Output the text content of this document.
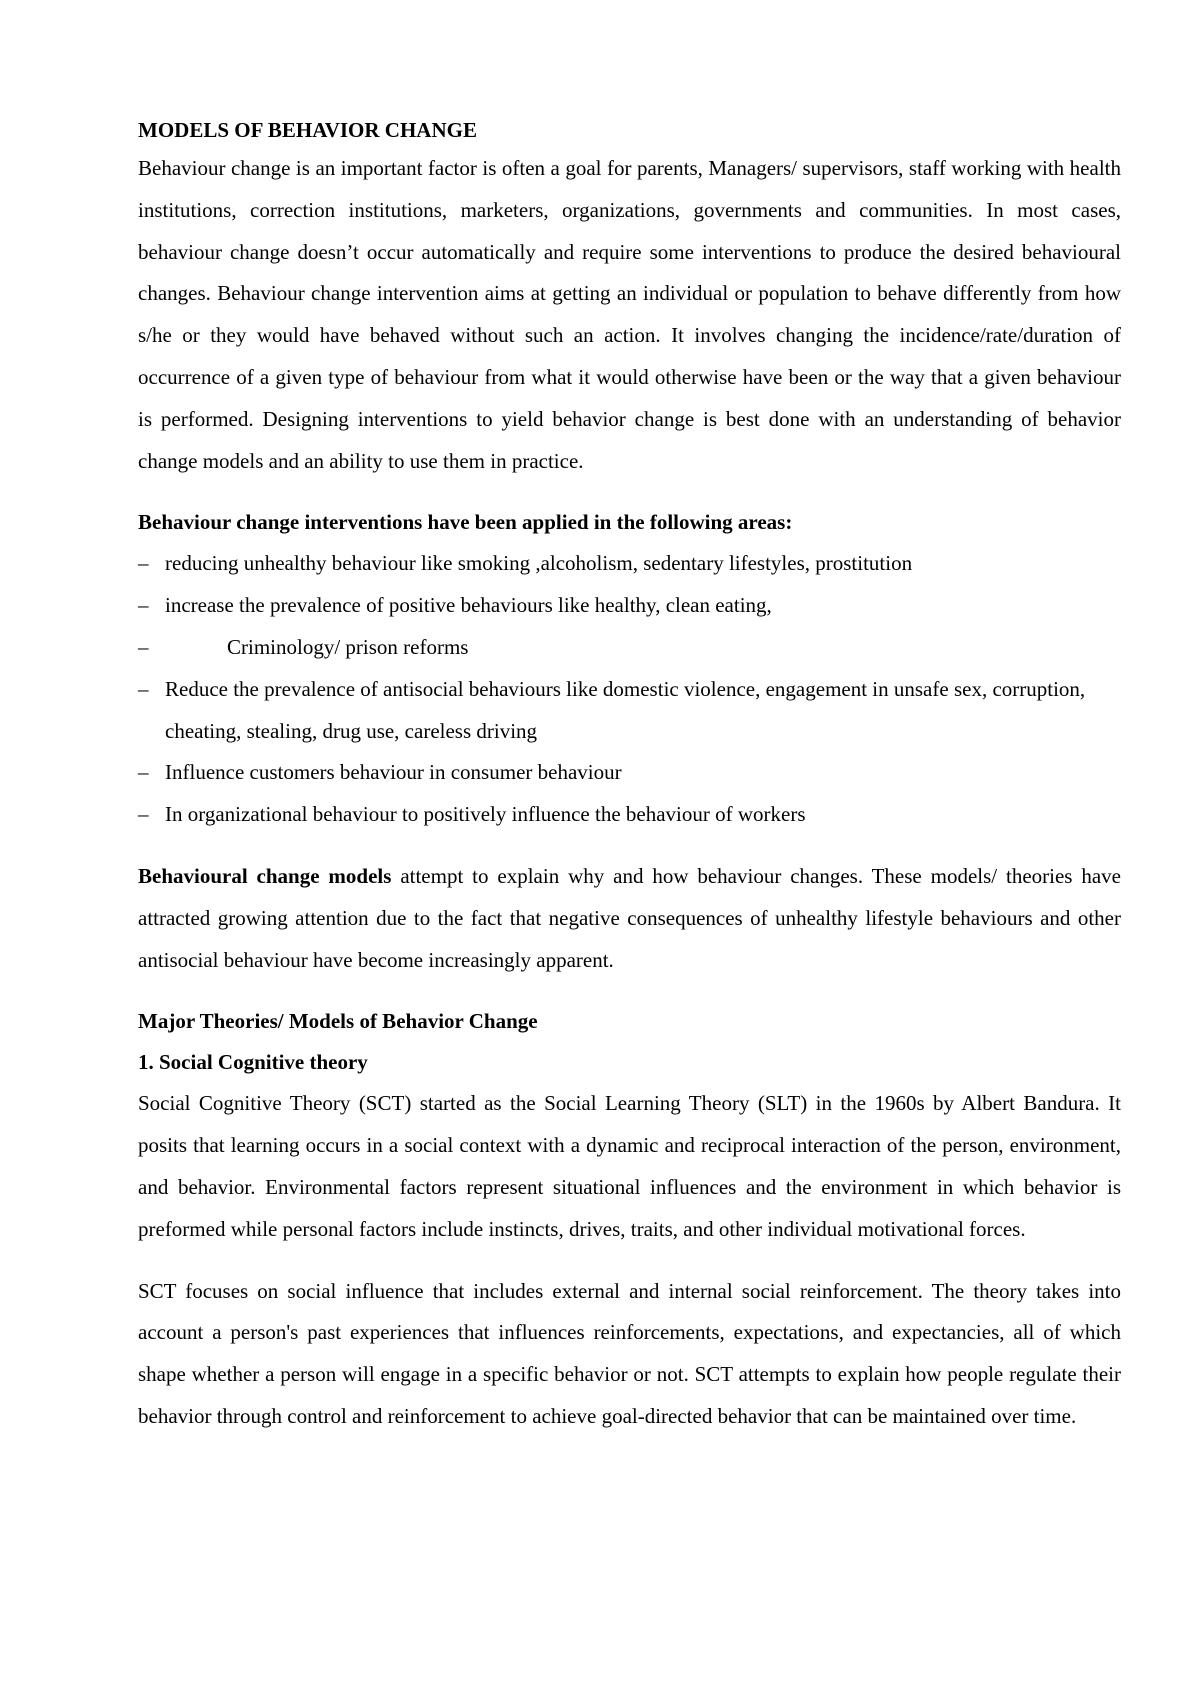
MODELS OF BEHAVIOR CHANGE

Behaviour change is an important factor is often a goal for parents, Managers/ supervisors, staff working with health institutions, correction institutions, marketers, organizations, governments and communities. In most cases, behaviour change doesn’t occur automatically and require some interventions to produce the desired behavioural changes. Behaviour change intervention aims at getting an individual or population to behave differently from how s/he or they would have behaved without such an action. It involves changing the incidence/rate/duration of occurrence of a given type of behaviour from what it would otherwise have been or the way that a given behaviour is performed. Designing interventions to yield behavior change is best done with an understanding of behavior change models and an ability to use them in practice.

Behaviour change interventions have been applied in the following areas:

– reducing unhealthy behaviour like smoking ,alcoholism, sedentary lifestyles, prostitution
– increase the prevalence of positive behaviours like healthy, clean eating,
–	Criminology/ prison reforms
– Reduce the prevalence of antisocial behaviours like domestic violence, engagement in unsafe sex, corruption, cheating, stealing, drug use, careless driving
– Influence customers behaviour in consumer behaviour
– In organizational behaviour to positively influence the behaviour of workers

Behavioural change models attempt to explain why and how behaviour changes. These models/ theories have attracted growing attention due to the fact that negative consequences of unhealthy lifestyle behaviours and other antisocial behaviour have become increasingly apparent.

Major Theories/ Models of Behavior Change

1. Social Cognitive theory

Social Cognitive Theory (SCT) started as the Social Learning Theory (SLT) in the 1960s by Albert Bandura. It posits that learning occurs in a social context with a dynamic and reciprocal interaction of the person, environment, and behavior. Environmental factors represent situational influences and the environment in which behavior is preformed while personal factors include instincts, drives, traits, and other individual motivational forces.

SCT focuses on social influence that includes external and internal social reinforcement. The theory takes into account a person's past experiences that influences reinforcements, expectations, and expectancies, all of which shape whether a person will engage in a specific behavior or not. SCT attempts to explain how people regulate their behavior through control and reinforcement to achieve goal-directed behavior that can be maintained over time.
